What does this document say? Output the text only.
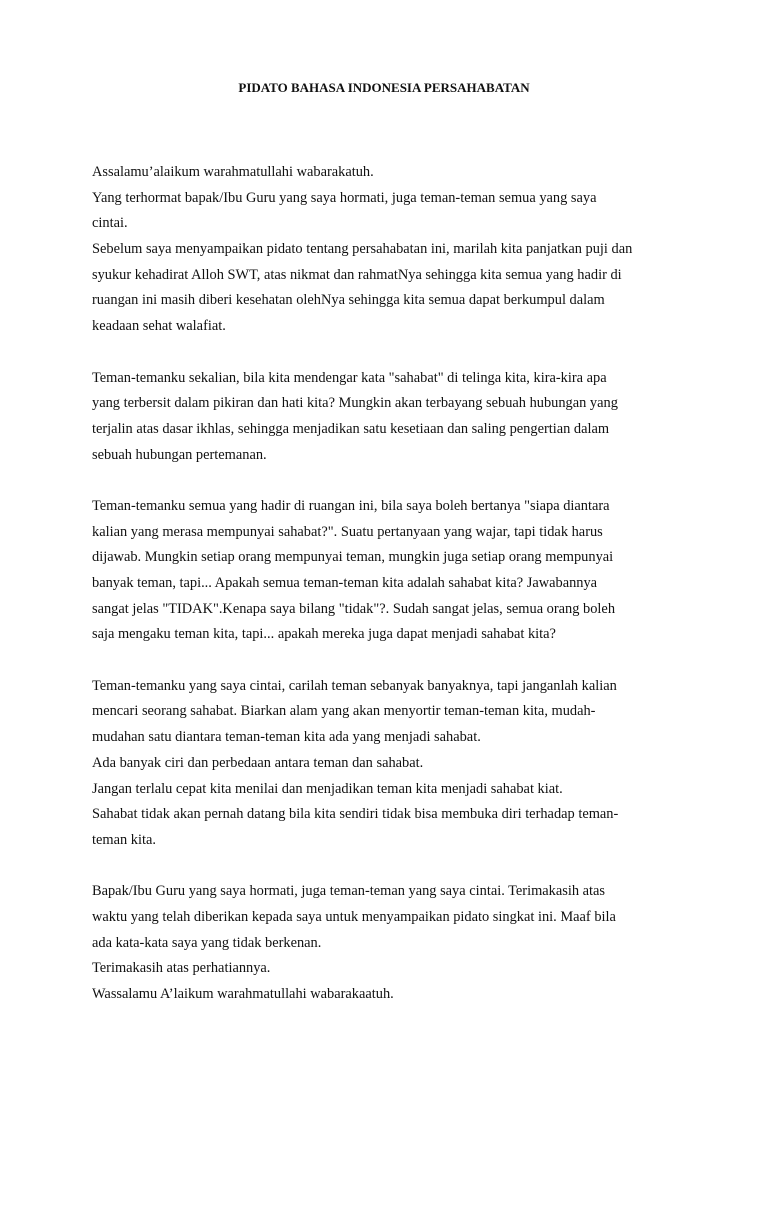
PIDATO BAHASA INDONESIA PERSAHABATAN
Assalamu’alaikum warahmatullahi wabarakatuh.
Yang terhormat bapak/Ibu Guru yang saya hormati, juga teman-teman semua yang saya
cintai.
Sebelum saya menyampaikan pidato tentang persahabatan ini, marilah kita panjatkan puji dan
syukur kehadirat Alloh SWT, atas nikmat dan rahmatNya sehingga kita semua yang hadir di
ruangan ini masih diberi kesehatan olehNya sehingga kita semua dapat berkumpul dalam
keadaan sehat walafiat.
Teman-temanku sekalian, bila kita mendengar kata "sahabat" di telinga kita, kira-kira apa
yang terbersit dalam pikiran dan hati kita? Mungkin akan terbayang sebuah hubungan yang
terjalin atas dasar ikhlas, sehingga menjadikan satu kesetiaan dan saling pengertian dalam
sebuah hubungan pertemanan.
Teman-temanku semua yang hadir di ruangan ini, bila saya boleh bertanya "siapa diantara
kalian yang merasa mempunyai sahabat?". Suatu pertanyaan yang wajar, tapi tidak harus
dijawab. Mungkin setiap orang mempunyai teman, mungkin juga setiap orang mempunyai
banyak teman, tapi... Apakah semua teman-teman kita adalah sahabat kita? Jawabannya
sangat jelas "TIDAK".Kenapa saya bilang "tidak"?. Sudah sangat jelas, semua orang boleh
saja mengaku teman kita, tapi... apakah mereka juga dapat menjadi sahabat kita?
Teman-temanku yang saya cintai, carilah teman sebanyak banyaknya, tapi janganlah kalian
mencari seorang sahabat. Biarkan alam yang akan menyortir teman-teman kita, mudah-
mudahan satu diantara teman-teman kita ada yang menjadi sahabat.
Ada banyak ciri dan perbedaan antara teman dan sahabat.
Jangan terlalu cepat kita menilai dan menjadikan teman kita menjadi sahabat kiat.
Sahabat tidak akan pernah datang bila kita sendiri tidak bisa membuka diri terhadap teman-
teman kita.
Bapak/Ibu Guru yang saya hormati, juga teman-teman yang saya cintai. Terimakasih atas
waktu yang telah diberikan kepada saya untuk menyampaikan pidato singkat ini. Maaf bila
ada kata-kata saya yang tidak berkenan.
Terimakasih atas perhatiannya.
Wassalamu A’laikum warahmatullahi wabarakaatuh.
